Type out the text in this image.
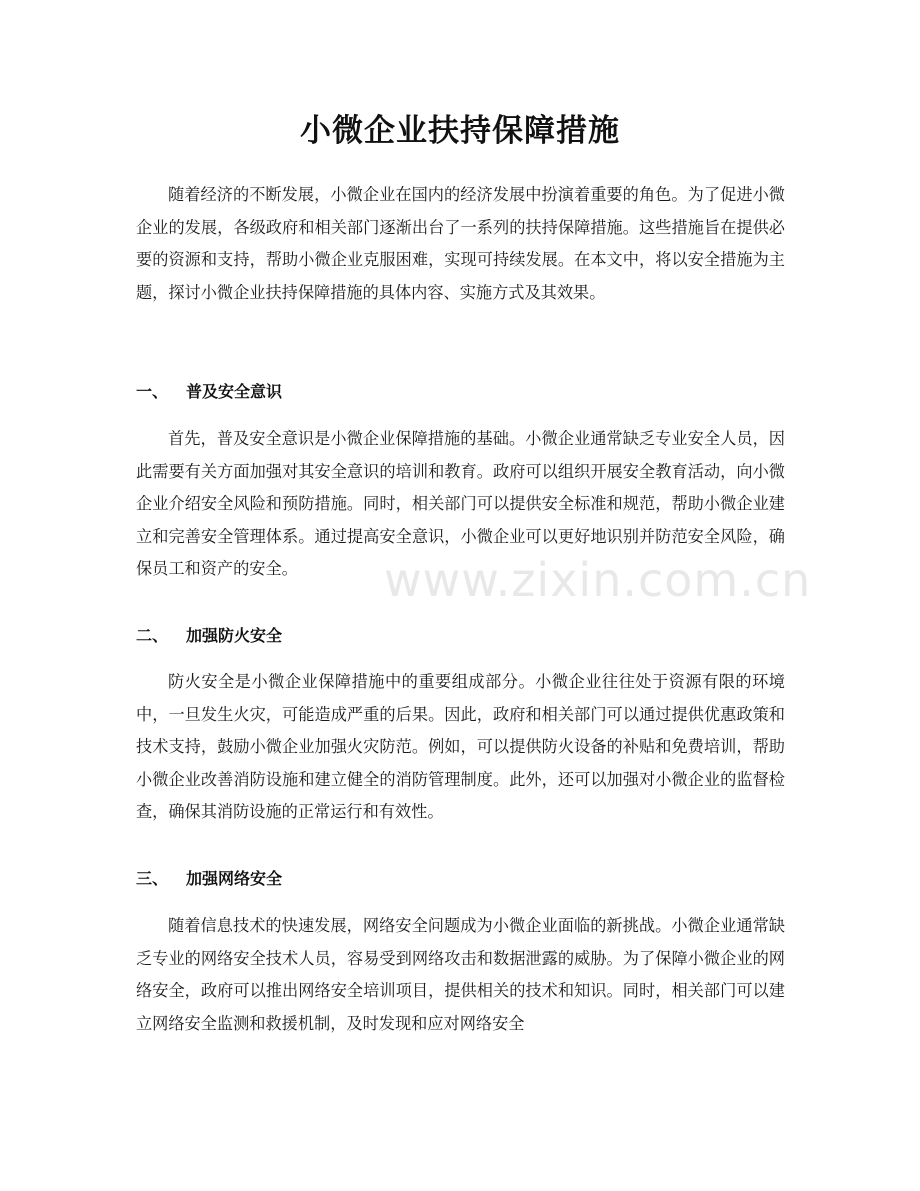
小微企业扶持保障措施

随着经济的不断发展，小微企业在国内的经济发展中扮演着重要的角色。为了促进小微企业的发展，各级政府和相关部门逐渐出台了一系列的扶持保障措施。这些措施旨在提供必要的资源和支持，帮助小微企业克服困难，实现可持续发展。在本文中，将以安全措施为主题，探讨小微企业扶持保障措施的具体内容、实施方式及其效果。

一、 普及安全意识

首先，普及安全意识是小微企业保障措施的基础。小微企业通常缺乏专业安全人员，因此需要有关方面加强对其安全意识的培训和教育。政府可以组织开展安全教育活动，向小微企业介绍安全风险和预防措施。同时，相关部门可以提供安全标准和规范，帮助小微企业建立和完善安全管理体系。通过提高安全意识，小微企业可以更好地识别并防范安全风险，确保员工和资产的安全。

二、 加强防火安全

防火安全是小微企业保障措施中的重要组成部分。小微企业往往处于资源有限的环境中，一旦发生火灾，可能造成严重的后果。因此，政府和相关部门可以通过提供优惠政策和技术支持，鼓励小微企业加强火灾防范。例如，可以提供防火设备的补贴和免费培训，帮助小微企业改善消防设施和建立健全的消防管理制度。此外，还可以加强对小微企业的监督检查，确保其消防设施的正常运行和有效性。

三、 加强网络安全

随着信息技术的快速发展，网络安全问题成为小微企业面临的新挑战。小微企业通常缺乏专业的网络安全技术人员，容易受到网络攻击和数据泄露的威胁。为了保障小微企业的网络安全，政府可以推出网络安全培训项目，提供相关的技术和知识。同时，相关部门可以建立网络安全监测和救援机制，及时发现和应对网络安全

www.zixin.com.cn
